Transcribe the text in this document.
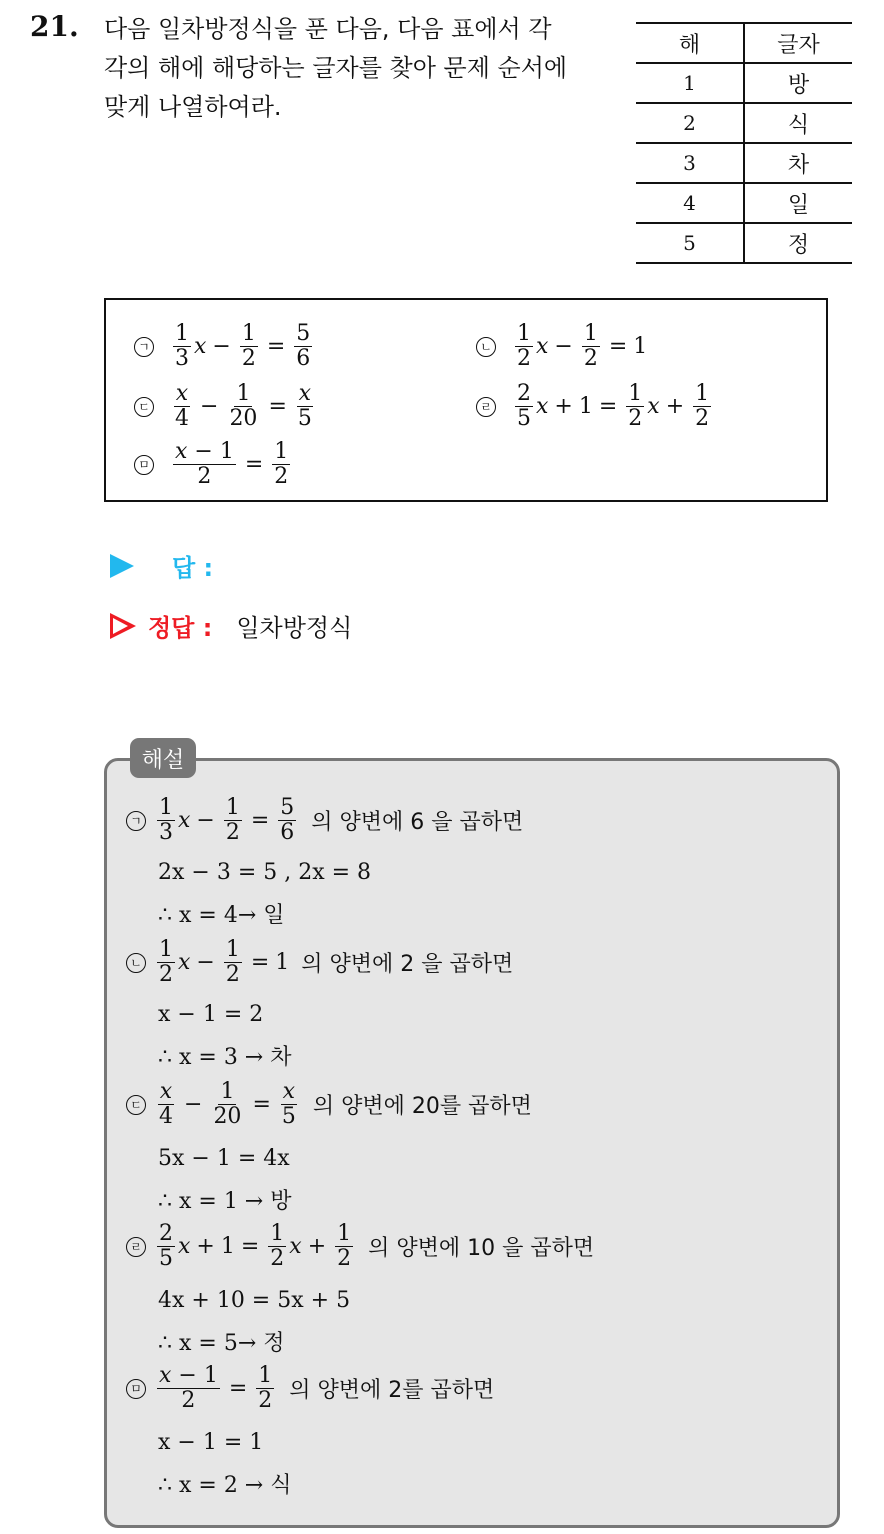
21. 다음 일차방정식을 푼 다음, 다음 표에서 각
각의 해에 해당하는 글자를 찾아 문제 순서에
맞게 나열하여라.
해	글자
1	방
2	식
3	차
4	일
5	정
ㄱ
1
3 $x - \frac{1}{2} = \frac{5}{6}$	ㄴ
1
2 $x - \frac{1}{2} = 1$
ㄷ
x
$4 - \frac{1}{20} = \frac{x}{5}$	ㄹ
2
5 $x + 1 = \frac{1}{2}$ $x + \frac{1}{2}$
ㅁ $\frac{x - 1}{2} = \frac{1}{2}$
답 :
정답 : 일차방정식
해설
ㄱ
1
3 $x - \frac{1}{2} = \frac{5}{6}$ 의 양변에 6 을 곱하면
2x − 3 = 5 , 2x = 8
∴ x = 4→ 일
ㄴ
1
2 $x - \frac{1}{2} = 1$ 의 양변에 2 을 곱하면
x − 1 = 2
∴ x = 3 → 차
ㄷ
x
$4 - \frac{1}{20} = \frac{x}{5}$ 의 양변에 20를 곱하면
5x − 1 = 4x
∴ x = 1 → 방
ㄹ
2
5 $x + 1 = \frac{1}{2}$ $x + \frac{1}{2}$ 의 양변에 10 을 곱하면
4x + 10 = 5x + 5
∴ x = 5→ 정
ㅁ $\frac{x - 1}{2} = \frac{1}{2}$ 의 양변에 2를 곱하면
x − 1 = 1
∴ x = 2 → 식
